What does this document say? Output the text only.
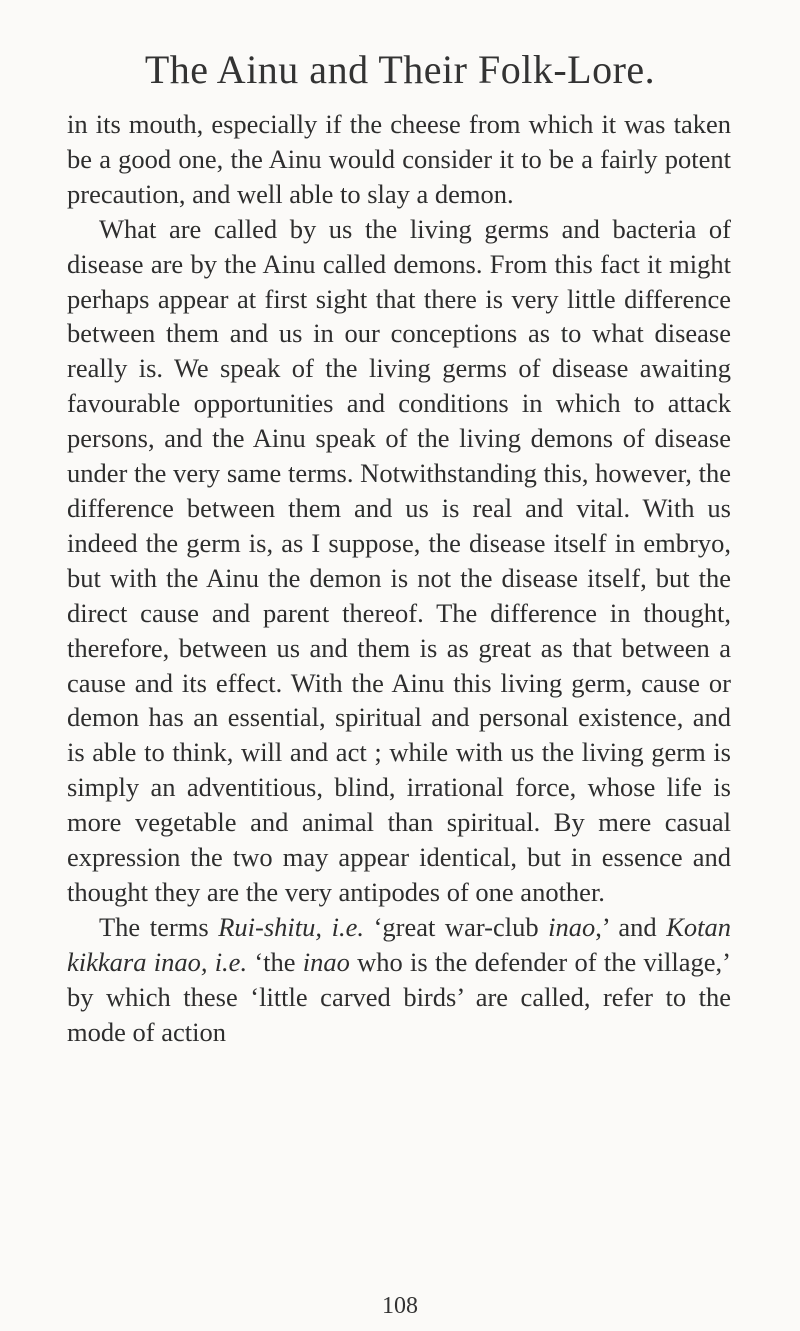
The Ainu and Their Folk-Lore.

in its mouth, especially if the cheese from which it was taken be a good one, the Ainu would consider it to be a fairly potent precaution, and well able to slay a demon.

What are called by us the living germs and bacteria of disease are by the Ainu called demons. From this fact it might perhaps appear at first sight that there is very little difference between them and us in our conceptions as to what disease really is. We speak of the living germs of disease awaiting favourable opportunities and conditions in which to attack persons, and the Ainu speak of the living demons of disease under the very same terms. Notwithstanding this, however, the difference between them and us is real and vital. With us indeed the germ is, as I suppose, the disease itself in embryo, but with the Ainu the demon is not the disease itself, but the direct cause and parent thereof. The difference in thought, therefore, between us and them is as great as that between a cause and its effect. With the Ainu this living germ, cause or demon has an essential, spiritual and personal existence, and is able to think, will and act ; while with us the living germ is simply an adventitious, blind, irrational force, whose life is more vegetable and animal than spiritual. By mere casual expression the two may appear identical, but in essence and thought they are the very antipodes of one another.

The terms Rui-shitu, i.e. ‘great war-club inao,’ and Kotan kikkara inao, i.e. ‘the inao who is the defender of the village,’ by which these ‘little carved birds’ are called, refer to the mode of action

108
